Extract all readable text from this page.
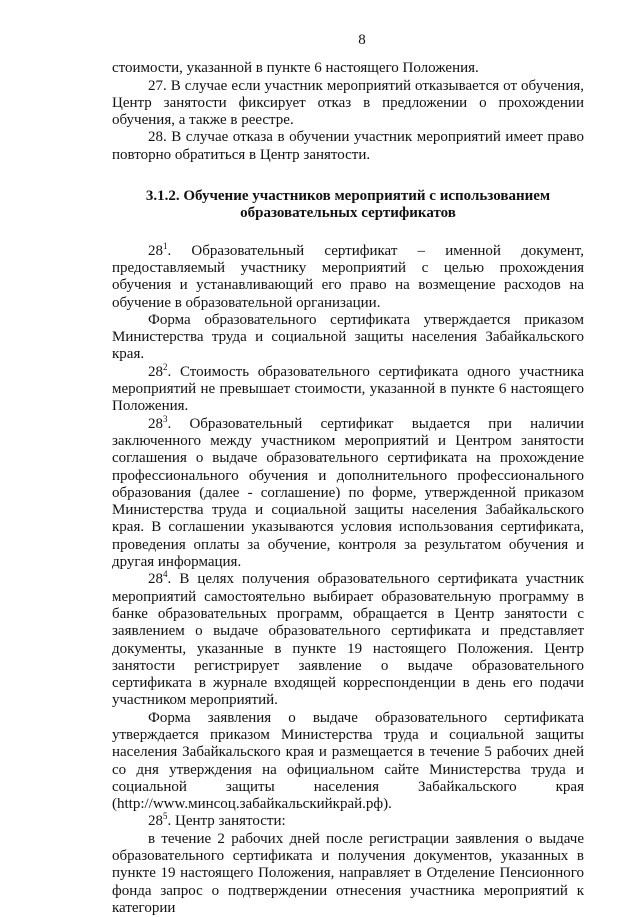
8

стоимости, указанной в пункте 6 настоящего Положения.

27. В случае если участник мероприятий отказывается от обучения, Центр занятости фиксирует отказ в предложении о прохождении обучения, а также в реестре.

28. В случае отказа в обучении участник мероприятий имеет право повторно обратиться в Центр занятости.

3.1.2. Обучение участников мероприятий с использованием
образовательных сертификатов

$28^1$. Образовательный сертификат – именной документ, предоставляемый участнику мероприятий с целью прохождения обучения и устанавливающий его право на возмещение расходов на обучение в образовательной организации.

Форма образовательного сертификата утверждается приказом Министерства труда и социальной защиты населения Забайкальского края.

$28^2$. Стоимость образовательного сертификата одного участника мероприятий не превышает стоимости, указанной в пункте 6 настоящего Положения.

$28^3$. Образовательный сертификат выдается при наличии заключенного между участником мероприятий и Центром занятости соглашения о выдаче образовательного сертификата на прохождение профессионального обучения и дополнительного профессионального образования (далее - соглашение) по форме, утвержденной приказом Министерства труда и социальной защиты населения Забайкальского края. В соглашении указываются условия использования сертификата, проведения оплаты за обучение, контроля за результатом обучения и другая информация.

$28^4$. В целях получения образовательного сертификата участник мероприятий самостоятельно выбирает образовательную программу в банке образовательных программ, обращается в Центр занятости с заявлением о выдаче образовательного сертификата и представляет документы, указанные в пункте 19 настоящего Положения. Центр занятости регистрирует заявление о выдаче образовательного сертификата в журнале входящей корреспонденции в день его подачи участником мероприятий.

Форма заявления о выдаче образовательного сертификата утверждается приказом Министерства труда и социальной защиты населения Забайкальского края и размещается в течение 5 рабочих дней со дня утверждения на официальном сайте Министерства труда и социальной защиты населения Забайкальского края (http://www.минсоц.забайкальскийкрай.рф).

$28^5$. Центр занятости:

в течение 2 рабочих дней после регистрации заявления о выдаче образовательного сертификата и получения документов, указанных в пункте 19 настоящего Положения, направляет в Отделение Пенсионного фонда запрос о подтверждении отнесения участника мероприятий к категории
